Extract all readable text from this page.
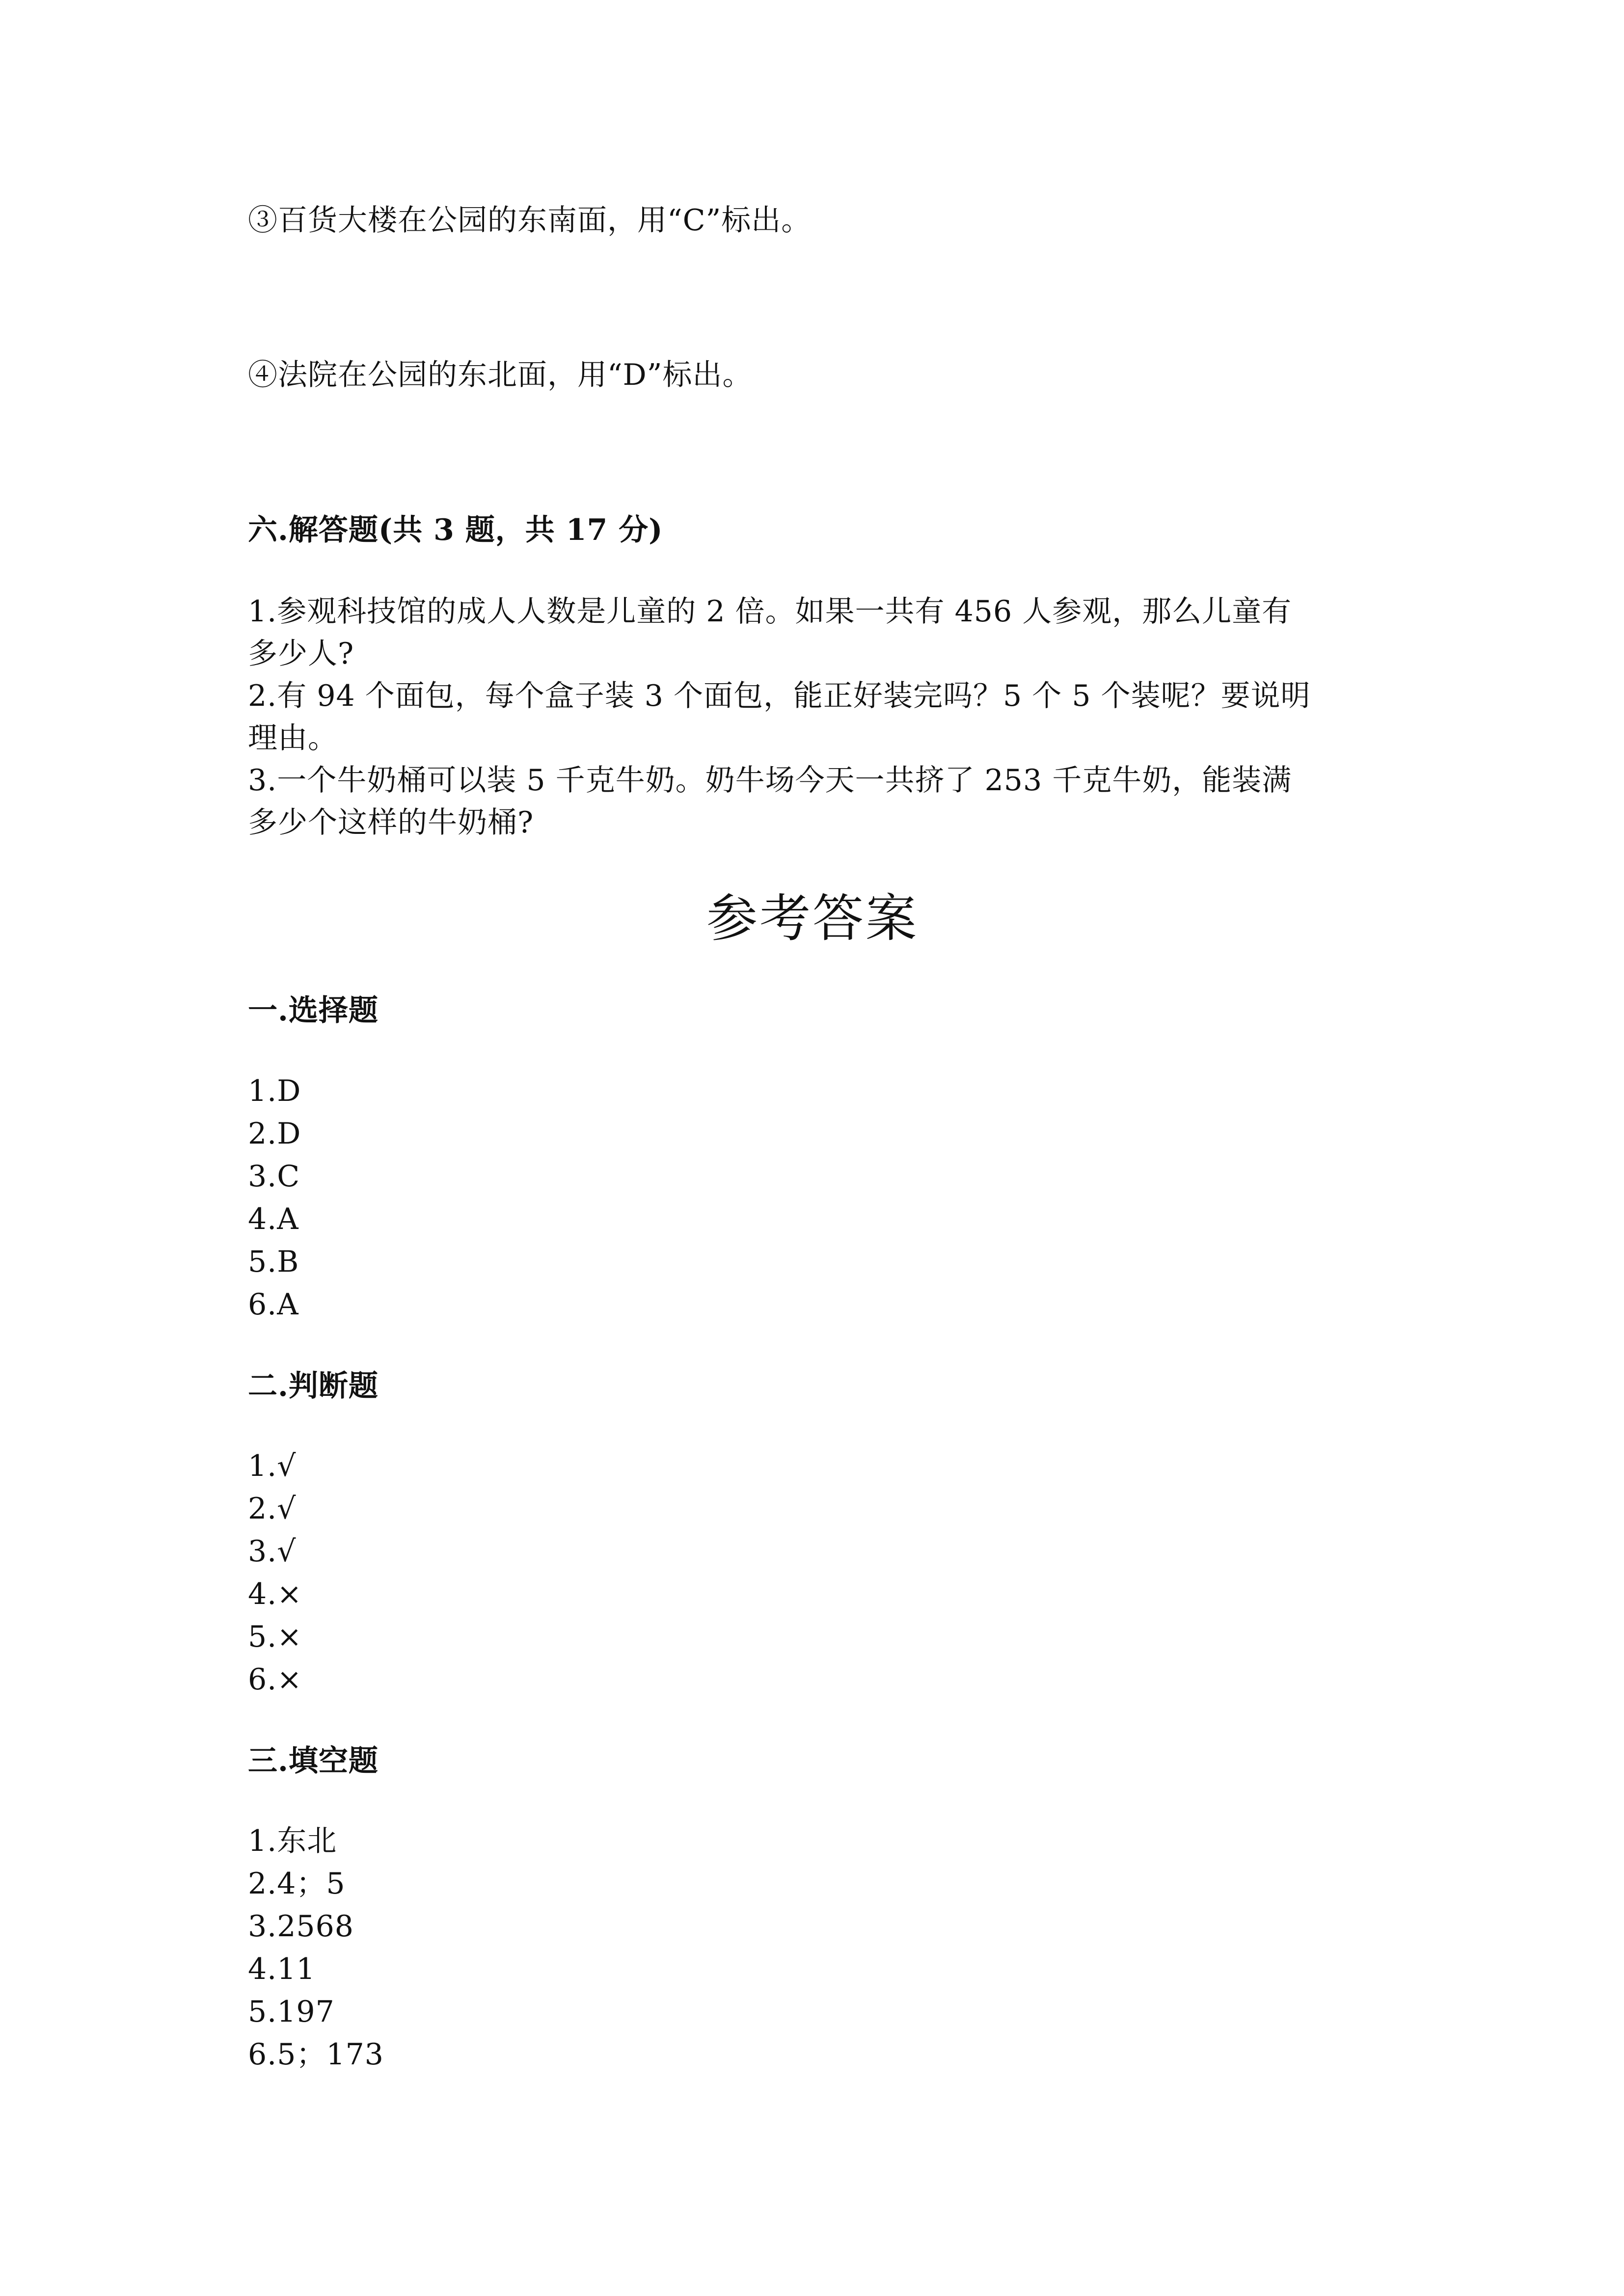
③百货大楼在公园的东南面，用“C”标出。
④法院在公园的东北面，用“D”标出。
六.解答题(共 3 题，共 17 分)
1.参观科技馆的成人人数是儿童的 2 倍。如果一共有 456 人参观，那么儿童有
多少人?
2.有 94 个面包，每个盒子装 3 个面包，能正好装完吗？5 个 5 个装呢？要说明
理由。
3.一个牛奶桶可以装 5 千克牛奶。奶牛场今天一共挤了 253 千克牛奶，能装满
多少个这样的牛奶桶?
参考答案
一.选择题
1.D
2.D
3.C
4.A
5.B
6.A
二.判断题
1.√
2.√
3.√
4.×
5.×
6.×
三.填空题
1.东北
2.4；5
3.2568
4.11
5.197
6.5；173
